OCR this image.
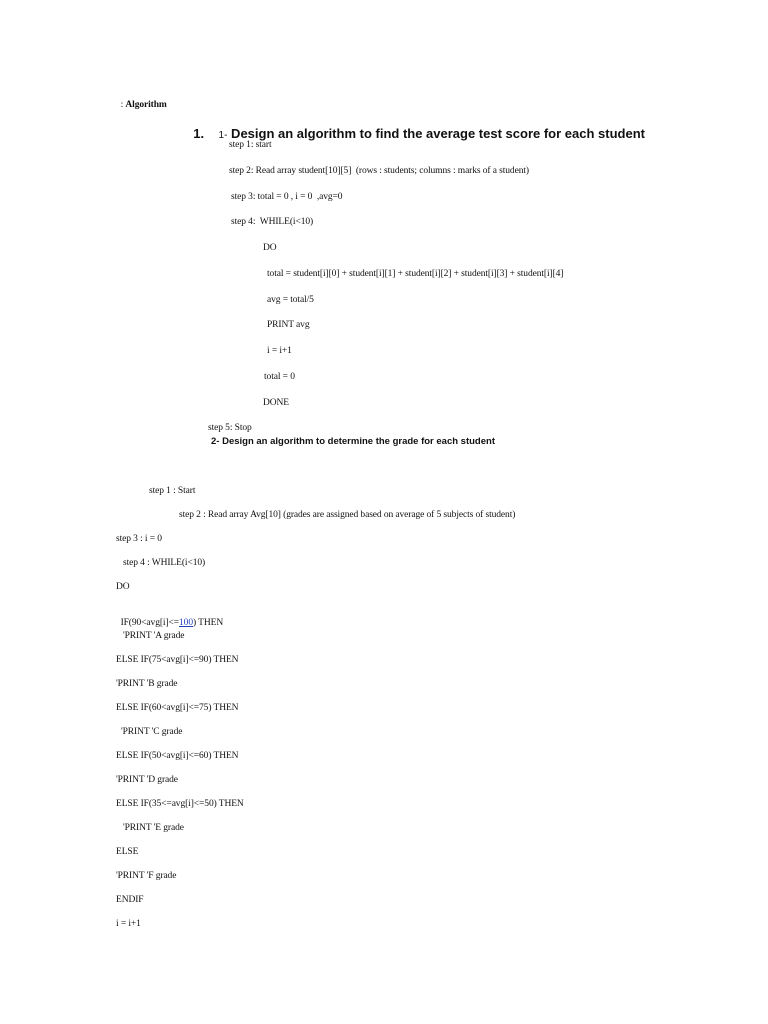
: Algorithm

1. 1- Design an algorithm to find the average test score for each student

step 1: start
step 2: Read array student[10][5]  (rows : students; columns : marks of a student)
step 3: total = 0 , i = 0  ,avg=0
step 4:  WHILE(i<10)
DO
total = student[i][0] + student[i][1] + student[i][2] + student[i][3] + student[i][4]
avg = total/5
PRINT avg
i = i+1
total = 0
DONE
step 5: Stop
2- Design an algorithm to determine the grade for each student
step 1 : Start
step 2 : Read array Avg[10] (grades are assigned based on average of 5 subjects of student)
step 3 : i = 0
step 4 : WHILE(i<10)
DO

IF(90<avg[i]<=100) THEN

'PRINT 'A grade
ELSE IF(75<avg[i]<=90) THEN
'PRINT 'B grade
ELSE IF(60<avg[i]<=75) THEN
'PRINT 'C grade
ELSE IF(50<avg[i]<=60) THEN
'PRINT 'D grade
ELSE IF(35<=avg[i]<=50) THEN
'PRINT 'E grade
ELSE
'PRINT 'F grade
ENDIF
i = i+1
